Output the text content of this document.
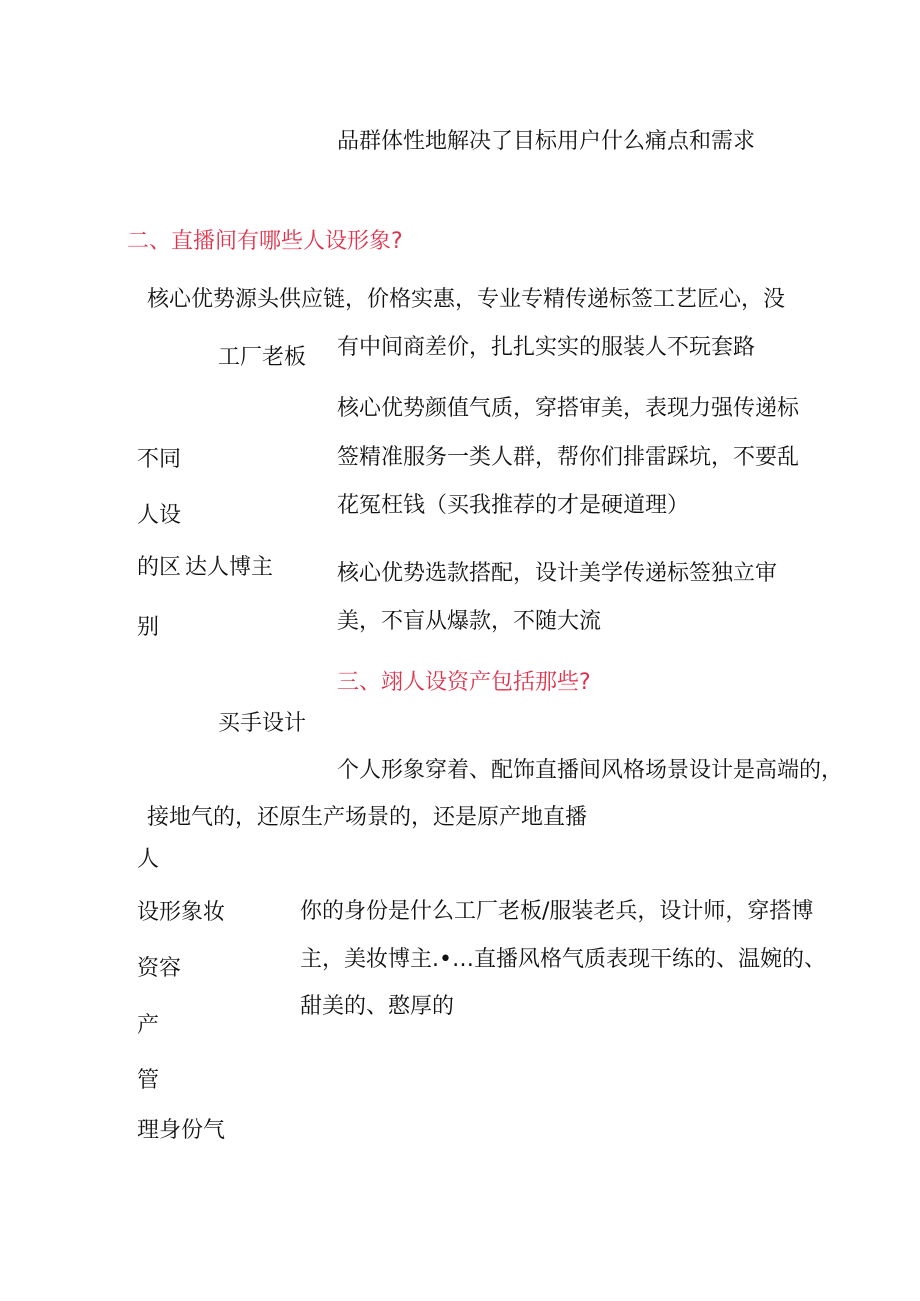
品群体性地解决了目标用户什么痛点和需求
二、直播间有哪些人设形象?
核心优势源头供应链，价格实惠，专业专精传递标签工艺匠心，没
工厂老板 有中间商差价，扎扎实实的服装人不玩套路
核心优势颜值气质，穿搭审美，表现力强传递标
签精准服务一类人群，帮你们排雷踩坑，不要乱
花冤枉钱（买我推荐的才是硬道理）
不同
人设
的区 达人博主
别
核心优势选款搭配，设计美学传递标签独立审
美，不盲从爆款，不随大流
三、翊人设资产包括那些?
买手设计
个人形象穿着、配饰直播间风格场景设计是高端的，
接地气的，还原生产场景的，还是原产地直播
人
设形象妆
资容
产
管
理身份气
你的身份是什么工厂老板/服装老兵，设计师，穿搭博
主，美妆博主.•…直播风格气质表现干练的、温婉的、
甜美的、憨厚的
